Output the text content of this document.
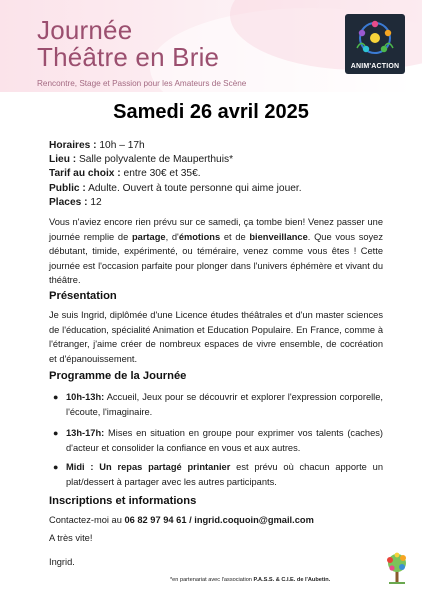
Journée
Théâtre en Brie
Rencontre, Stage et Passion pour les Amateurs de Scène
ANIM'ACTION
Samedi 26 avril 2025
Horaires : 10h – 17h
Lieu : Salle polyvalente de Mauperthuis*
Tarif au choix : entre 30€ et 35€.
Public : Adulte. Ouvert à toute personne qui aime jouer.
Places : 12
Vous n'aviez encore rien prévu sur ce samedi, ça tombe bien! Venez passer une journée remplie de partage, d'émotions et de bienveillance. Que vous soyez débutant, timide, expérimenté, ou téméraire, venez comme vous êtes ! Cette journée est l'occasion parfaite pour plonger dans l'univers éphémère et vivant du théâtre.
Présentation
Je suis Ingrid, diplômée d'une Licence études théâtrales et d'un master sciences de l'éducation, spécialité Animation et Education Populaire. En France, comme à l'étranger, j'aime créer de nombreux espaces de vivre ensemble, de cocréation et d'épanouissement.
Programme de la Journée
● 10h-13h: Accueil, Jeux pour se découvrir et explorer l'expression corporelle, l'écoute, l'imaginaire.
● 13h-17h: Mises en situation en groupe pour exprimer vos talents (caches) d'acteur et consolider la confiance en vous et aux autres.
● Midi : Un repas partagé printanier est prévu où chacun apporte un plat/dessert à partager avec les autres participants.
Inscriptions et informations
Contactez-moi au 06 82 97 94 61 / ingrid.coquoin@gmail.com
A très vite!
Ingrid.
*en partenariat avec l'association P.A.S.S. & C.I.E. de l'Aubetin.
